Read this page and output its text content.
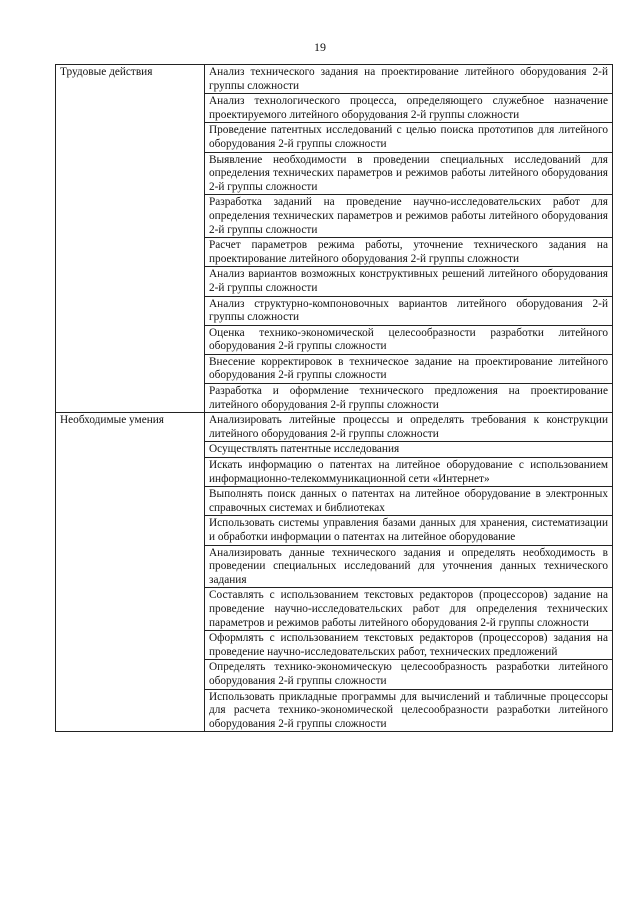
19
Трудовые действия	Анализ технического задания на проектирование литейного оборудования 2-й группы сложности

	Анализ технологического процесса, определяющего служебное назначение проектируемого литейного оборудования 2-й группы сложности

	Проведение патентных исследований с целью поиска прототипов для литейного оборудования 2-й группы сложности

	Выявление необходимости в проведении специальных исследований для определения технических параметров и режимов работы литейного оборудования 2-й группы сложности

	Разработка заданий на проведение научно-исследовательских работ для определения технических параметров и режимов работы литейного оборудования 2-й группы сложности

	Расчет параметров режима работы, уточнение технического задания на проектирование литейного оборудования 2-й группы сложности

	Анализ вариантов возможных конструктивных решений литейного оборудования 2-й группы сложности

	Анализ структурно-компоновочных вариантов литейного оборудования 2-й группы сложности

	Оценка технико-экономической целесообразности разработки литейного оборудования 2-й группы сложности

	Внесение корректировок в техническое задание на проектирование литейного оборудования 2-й группы сложности

	Разработка и оформление технического предложения на проектирование литейного оборудования 2-й группы сложности

Необходимые умения	Анализировать литейные процессы и определять требования к конструкции литейного оборудования 2-й группы сложности

	Осуществлять патентные исследования

	Искать информацию о патентах на литейное оборудование с использованием информационно-телекоммуникационной сети «Интернет»

	Выполнять поиск данных о патентах на литейное оборудование в электронных справочных системах и библиотеках

	Использовать системы управления базами данных для хранения, систематизации и обработки информации о патентах на литейное оборудование

	Анализировать данные технического задания и определять необходимость в проведении специальных исследований для уточнения данных технического задания

	Составлять с использованием текстовых редакторов (процессоров) задание на проведение научно-исследовательских работ для определения технических параметров и режимов работы литейного оборудования 2-й группы сложности

	Оформлять с использованием текстовых редакторов (процессоров) задания на проведение научно-исследовательских работ, технических предложений

	Определять технико-экономическую целесообразность разработки литейного оборудования 2-й группы сложности

	Использовать прикладные программы для вычислений и табличные процессоры для расчета технико-экономической целесообразности разработки литейного оборудования 2-й группы сложности
